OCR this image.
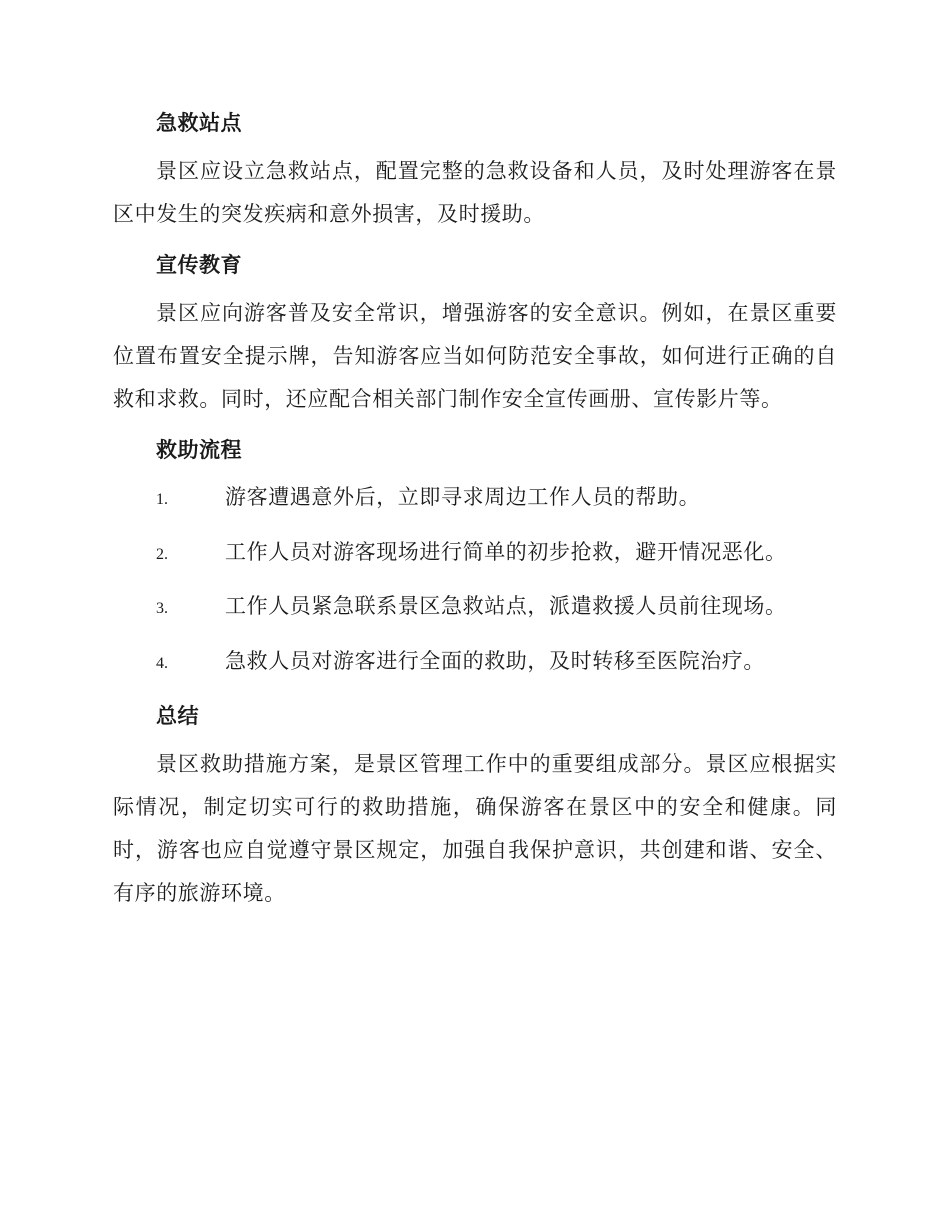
急救站点

景区应设立急救站点，配置完整的急救设备和人员，及时处理游客在景区中发生的突发疾病和意外损害，及时援助。

宣传教育

景区应向游客普及安全常识，增强游客的安全意识。例如，在景区重要位置布置安全提示牌，告知游客应当如何防范安全事故，如何进行正确的自救和求救。同时，还应配合相关部门制作安全宣传画册、宣传影片等。

救助流程
1.	游客遭遇意外后，立即寻求周边工作人员的帮助。
2.	工作人员对游客现场进行简单的初步抢救，避开情况恶化。
3.	工作人员紧急联系景区急救站点，派遣救援人员前往现场。
4.	急救人员对游客进行全面的救助，及时转移至医院治疗。
总结

景区救助措施方案，是景区管理工作中的重要组成部分。景区应根据实际情况，制定切实可行的救助措施，确保游客在景区中的安全和健康。同时，游客也应自觉遵守景区规定，加强自我保护意识，共创建和谐、安全、有序的旅游环境。
